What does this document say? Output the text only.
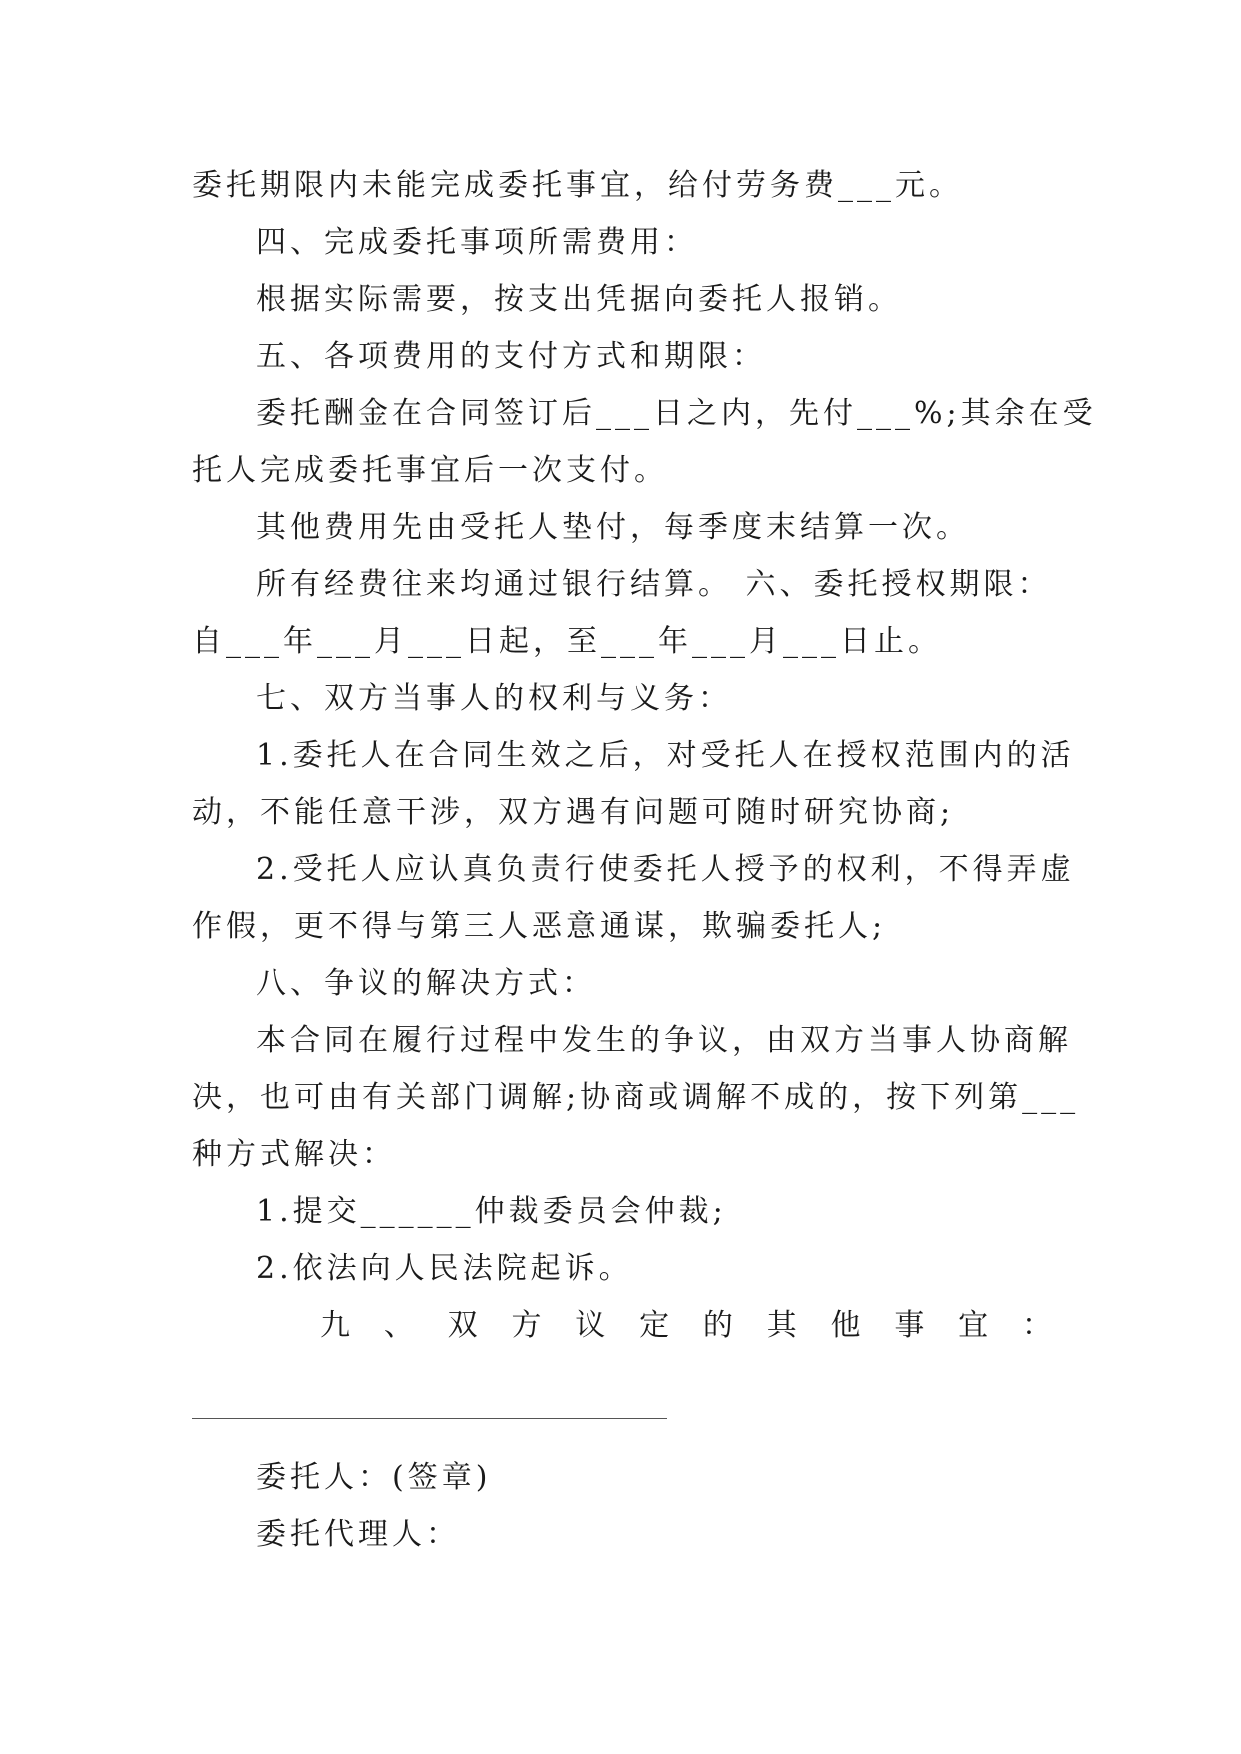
委托期限内未能完成委托事宜，给付劳务费___元。
四、完成委托事项所需费用：
根据实际需要，按支出凭据向委托人报销。
五、各项费用的支付方式和期限：
委托酬金在合同签订后___日之内，先付___%;其余在受
托人完成委托事宜后一次支付。
其他费用先由受托人垫付，每季度末结算一次。
所有经费往来均通过银行结算。 六、委托授权期限：
自___年___月___日起，至___年___月___日止。
七、双方当事人的权利与义务：
1.委托人在合同生效之后，对受托人在授权范围内的活
动，不能任意干涉，双方遇有问题可随时研究协商;
2.受托人应认真负责行使委托人授予的权利，不得弄虚
作假，更不得与第三人恶意通谋，欺骗委托人;
八、争议的解决方式：
本合同在履行过程中发生的争议，由双方当事人协商解
决，也可由有关部门调解;协商或调解不成的，按下列第___
种方式解决：
1.提交______仲裁委员会仲裁;
2.依法向人民法院起诉。
九 、 双 方 议 定 的 其 他 事 宜 ：
委托人：(签章)
委托代理人：
